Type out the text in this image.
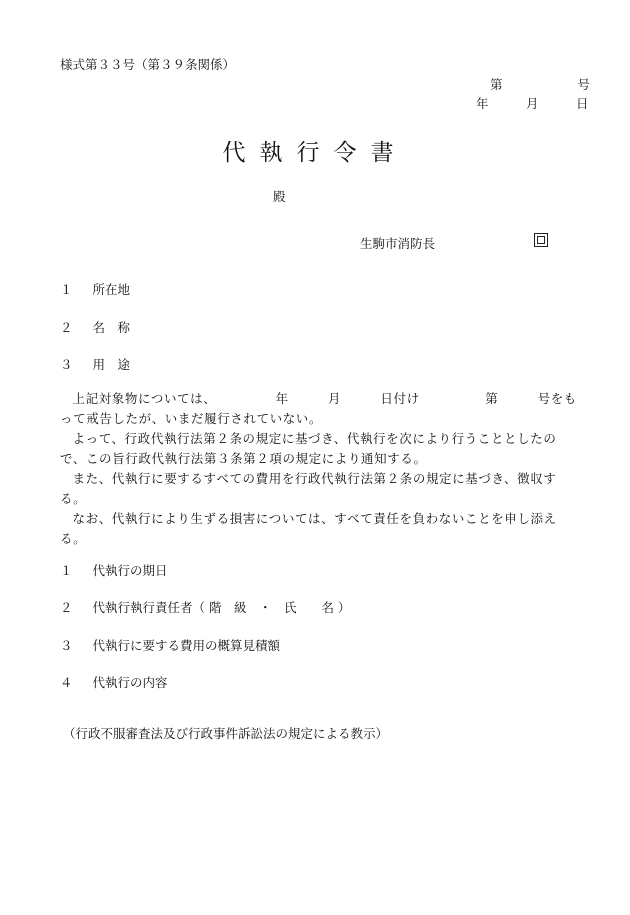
様式第３３号（第３９条関係）
第　　　　　　号
年　　　月　　　日
代執行令書
殿
生駒市消防長
１ 所在地
２ 名　称
３ 用　途

上記対象物については、　　　　　年　　　月　　　日付け　　　　　第　　　号をもって戒告したが、いまだ履行されていない。

よって、行政代執行法第２条の規定に基づき、代執行を次により行うこととしたので、この旨行政代執行法第３条第２項の規定により通知する。

また、代執行に要するすべての費用を行政代執行法第２条の規定に基づき、徴収する。

なお、代執行により生ずる損害については、すべて責任を負わないことを申し添える。

１ 代執行の期日
２ 代執行執行責任者（ 階　級　・　氏　　名 ）
３ 代執行に要する費用の概算見積額
４ 代執行の内容
（行政不服審査法及び行政事件訴訟法の規定による教示）
